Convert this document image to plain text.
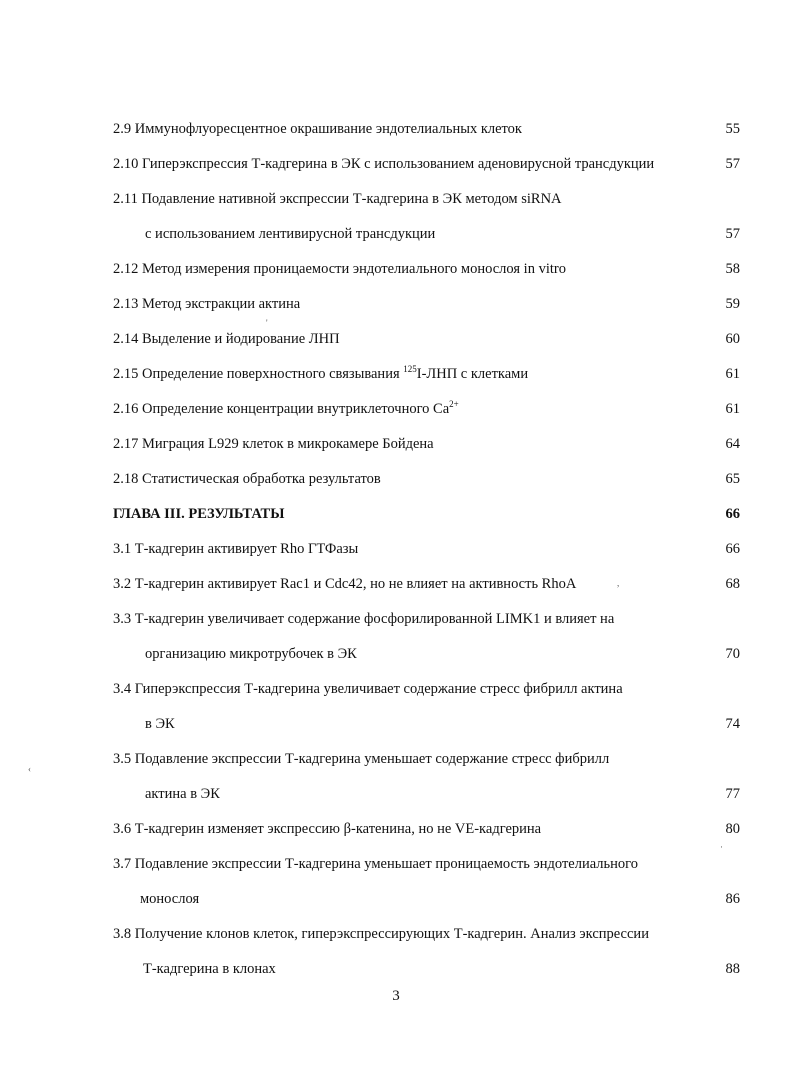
2.9 Иммунофлуоресцентное окрашивание эндотелиальных клеток	55
2.10 Гиперэкспрессия Т-кадгерина в ЭК с использованием аденовирусной трансдукции	57
2.11 Подавление нативной экспрессии Т-кадгерина в ЭК методом siRNA
с использованием лентивирусной трансдукции	57
2.12 Метод измерения проницаемости эндотелиального монослоя in vitro	58
2.13 Метод экстракции актина	59
2.14 Выделение и йодирование ЛНП	60
2.15 Определение поверхностного связывания $^{125}$I-ЛНП с клетками	61
2.16 Определение концентрации внутриклеточного $Ca^{2+}$	61
2.17 Миграция L929 клеток в микрокамере Бойдена	64
2.18 Статистическая обработка результатов	65
ГЛАВА III. РЕЗУЛЬТАТЫ	66
3.1 Т-кадгерин активирует Rho ГТФазы	66
3.2 Т-кадгерин активирует Rac1 и Cdc42, но не влияет на активность RhoA	68
3.3 Т-кадгерин увеличивает содержание фосфорилированной LIMK1 и влияет на
организацию микротрубочек в ЭК	70
3.4 Гиперэкспрессия Т-кадгерина увеличивает содержание стресс фибрилл актина
в ЭК	74
3.5 Подавление экспрессии Т-кадгерина уменьшает содержание стресс фибрилл
актина в ЭК	77
3.6 Т-кадгерин изменяет экспрессию β-катенина, но не VE-кадгерина	80
3.7 Подавление экспрессии Т-кадгерина уменьшает проницаемость эндотелиального
монослоя	86
3.8 Получение клонов клеток, гиперэкспрессирующих Т-кадгерин. Анализ экспрессии
Т-кадгерина в клонах	88
'
,
‹
·
3
